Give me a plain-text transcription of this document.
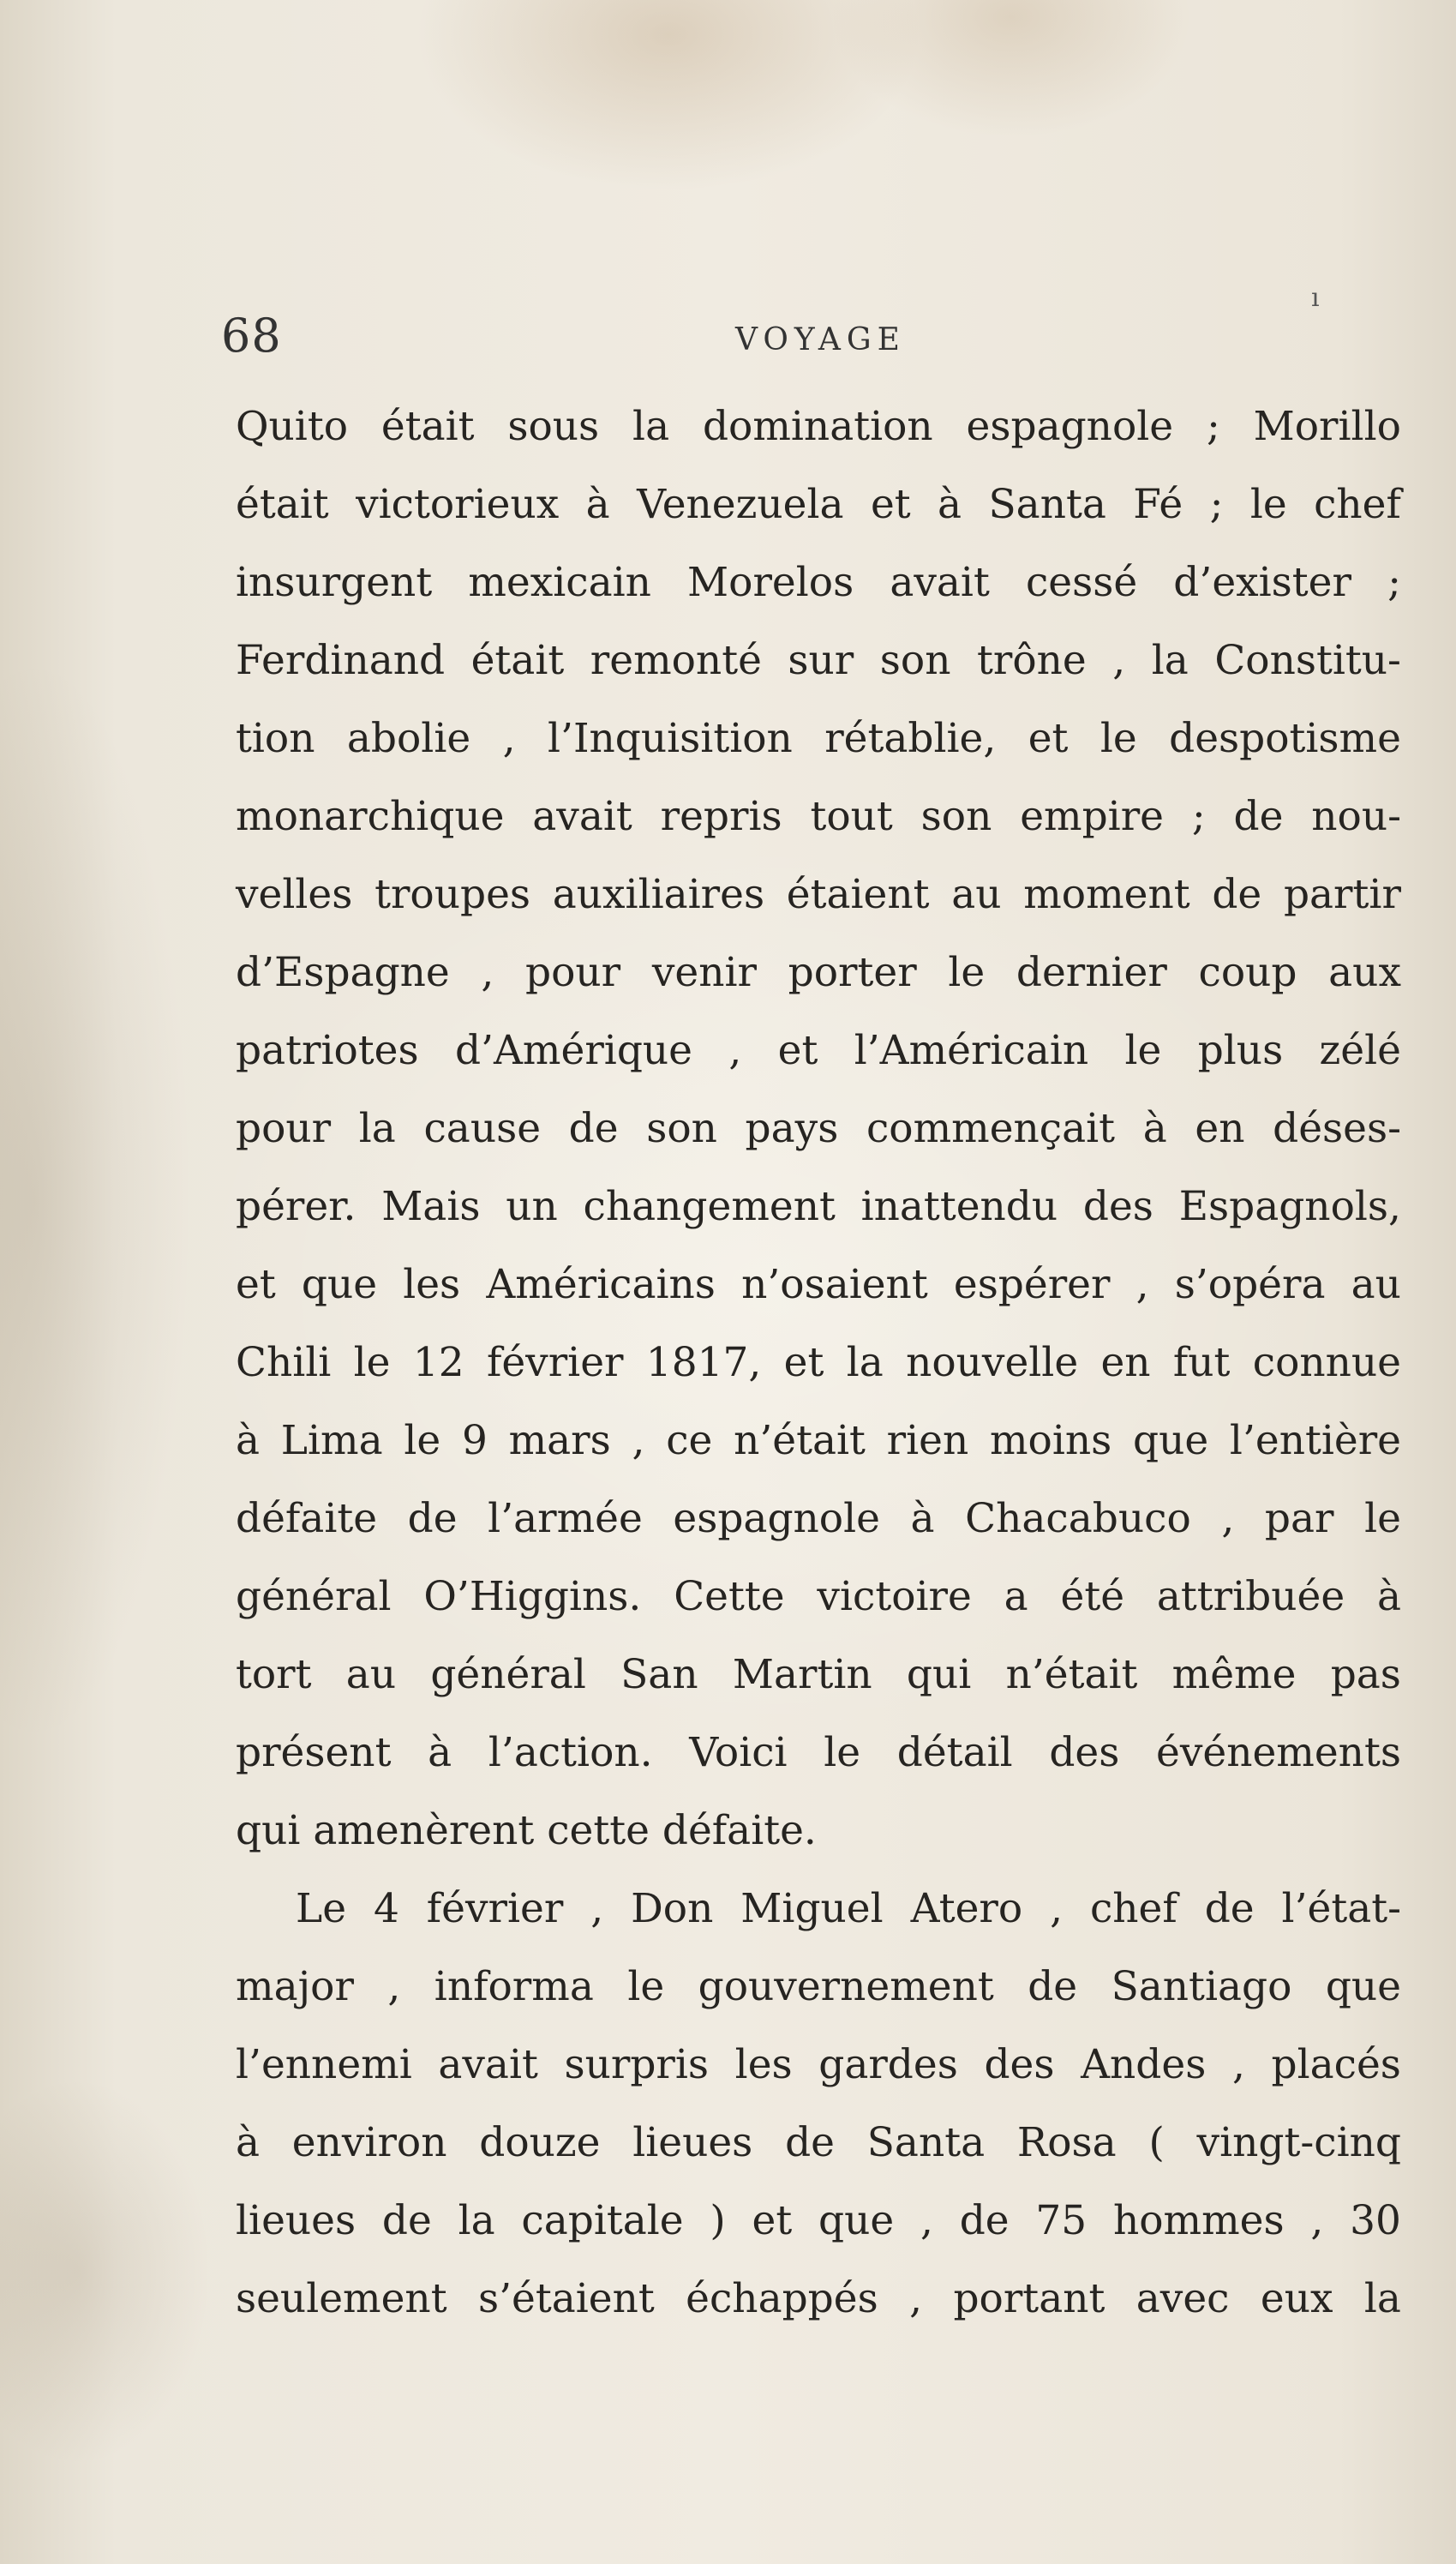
ı
68	VOYAGE
Quito était sous la domination espagnole ; Morillo
était victorieux à Venezuela et à Santa Fé ; le chef
insurgent mexicain Morelos avait cessé d’exister ;
Ferdinand était remonté sur son trône , la Constitu-
tion abolie , l’Inquisition rétablie, et le despotisme
monarchique avait repris tout son empire ; de nou-
velles troupes auxiliaires étaient au moment de partir
d’Espagne , pour venir porter le dernier coup aux
patriotes d’Amérique , et l’Américain le plus zélé
pour la cause de son pays commençait à en déses-
pérer. Mais un changement inattendu des Espagnols,
et que les Américains n’osaient espérer , s’opéra au
Chili le 12 février 1817, et la nouvelle en fut connue
à Lima le 9 mars , ce n’était rien moins que l’entière
défaite de l’armée espagnole à Chacabuco , par le
général O’Higgins. Cette victoire a été attribuée à
tort au général San Martin qui n’était même pas
présent à l’action. Voici le détail des événements
qui amenèrent cette défaite.
Le 4 février , Don Miguel Atero , chef de l’état-
major , informa le gouvernement de Santiago que
l’ennemi avait surpris les gardes des Andes , placés
à environ douze lieues de Santa Rosa ( vingt-cinq
lieues de la capitale ) et que , de 75 hommes , 30
seulement s’étaient échappés , portant avec eux la
